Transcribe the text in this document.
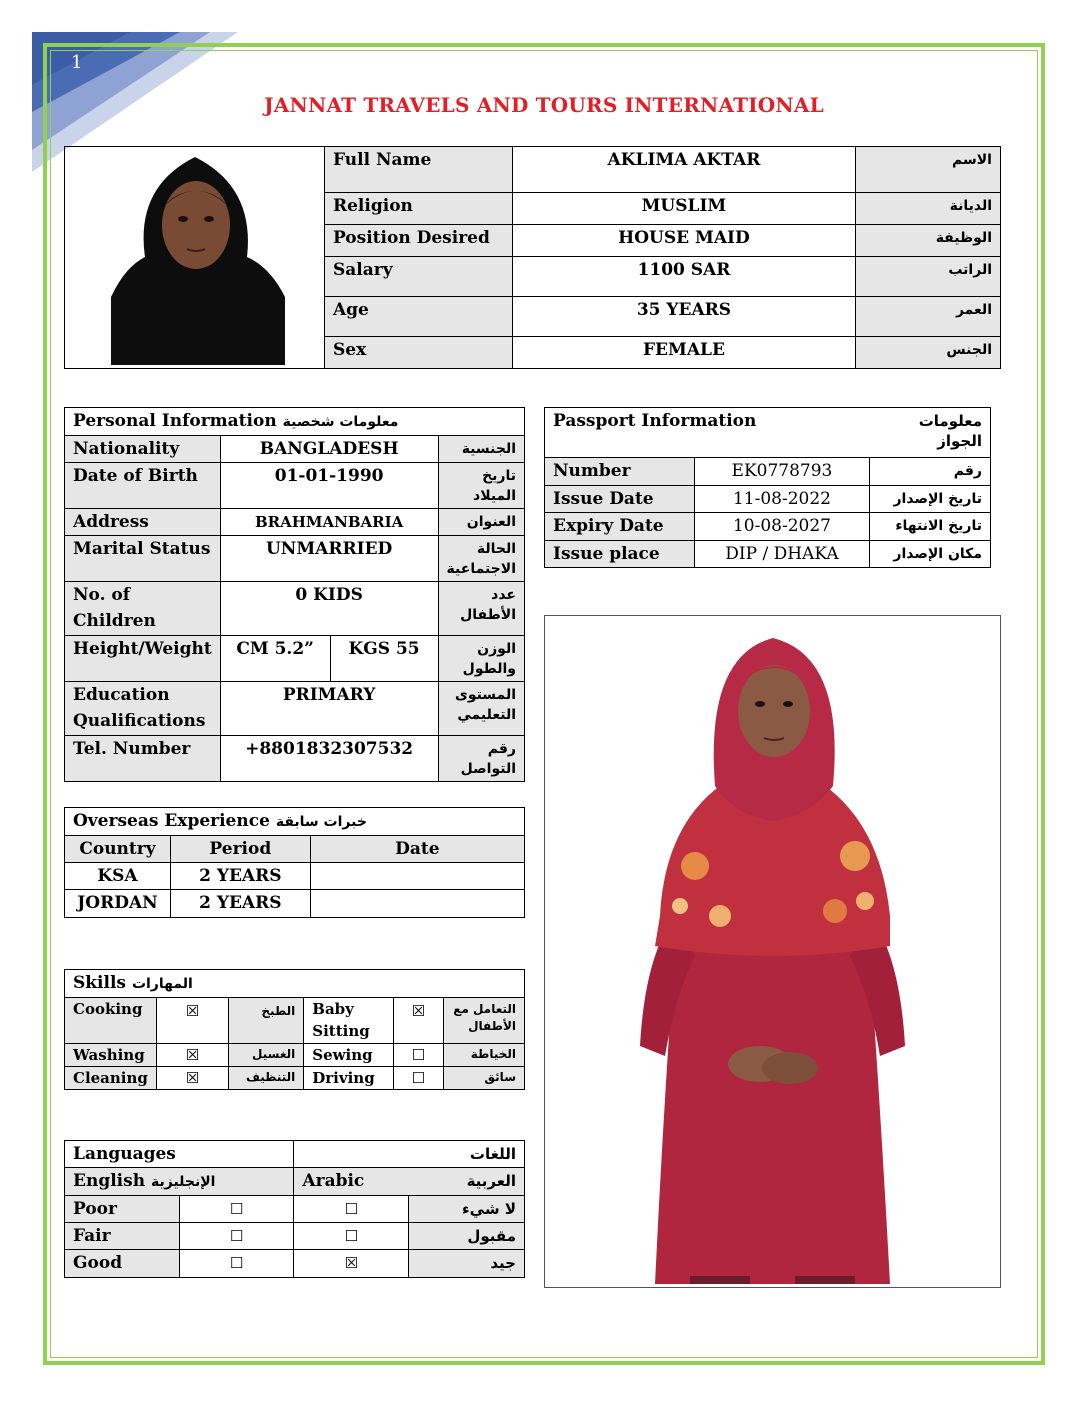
1
JANNAT TRAVELS AND TOURS INTERNATIONAL
	Full Name	AKLIMA AKTAR	الاسم
	Religion	MUSLIM	الديانة
	Position Desired	HOUSE MAID	الوظيفة
	Salary	1100 SAR	الراتب
	Age	35 YEARS	العمر
	Sex	FEMALE	الجنس
Personal Information معلومات شخصية			
Nationality	BANGLADESH		الجنسية
Date of Birth	01-01-1990		تاريخ الميلاد
Address	BRAHMANBARIA		العنوان
Marital Status	UNMARRIED		الحالة الاجتماعية
No. of Children	0 KIDS		عدد الأطفال
Height/Weight	CM 5.2”	KGS 55	الوزن والطول
Education Qualifications	PRIMARY		المستوى التعليمي
Tel. Number	+8801832307532		رقم التواصل
Passport Information		معلومات الجواز
Number	EK0778793	رقم
Issue Date	11-08-2022	تاريخ الإصدار
Expiry Date	10-08-2027	تاريخ الانتهاء
Issue place	DIP / DHAKA	مكان الإصدار
Overseas Experience خبرات سابقة		
Country	Period	Date
KSA	2 YEARS	
JORDAN	2 YEARS	
Skills المهارات					
Cooking	☒	الطبخ	Baby Sitting	☒	التعامل مع الأطفال
Washing	☒	الغسيل	Sewing	☐	الخياطة
Cleaning	☒	التنظيف	Driving	☐	سائق
Languages		اللغات	
English الإنجليزية		Arabic	العربية
Poor	☐	☐	لا شيء
Fair	☐	☐	مقبول
Good	☐	☒	جيد
